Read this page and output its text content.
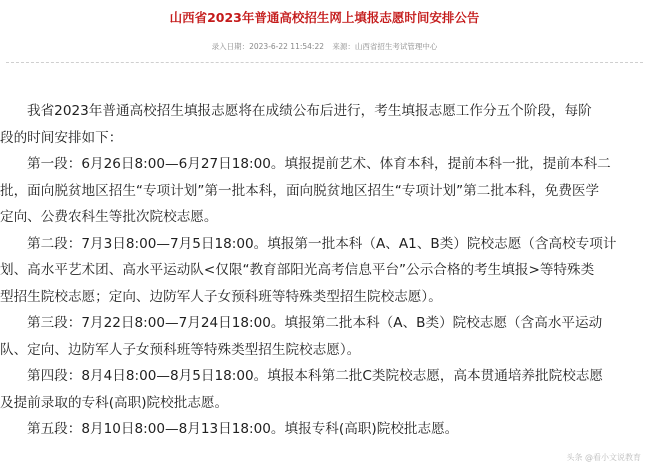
山西省2023年普通高校招生网上填报志愿时间安排公告
录入日期：2023-6-22 11:54:22 来源：山西省招生考试管理中心
我省2023年普通高校招生填报志愿将在成绩公布后进行，考生填报志愿工作分五个阶段，每阶
段的时间安排如下：
第一段：6月26日8:00—6月27日18:00。填报提前艺术、体育本科，提前本科一批，提前本科二
批，面向脱贫地区招生“专项计划”第一批本科，面向脱贫地区招生“专项计划”第二批本科，免费医学
定向、公费农科生等批次院校志愿。
第二段：7月3日8:00—7月5日18:00。填报第一批本科（A、A1、B类）院校志愿（含高校专项计
划、高水平艺术团、高水平运动队<仅限“教育部阳光高考信息平台”公示合格的考生填报>等特殊类
型招生院校志愿；定向、边防军人子女预科班等特殊类型招生院校志愿）。
第三段：7月22日8:00—7月24日18:00。填报第二批本科（A、B类）院校志愿（含高水平运动
队、定向、边防军人子女预科班等特殊类型招生院校志愿）。
第四段：8月4日8:00—8月5日18:00。填报本科第二批C类院校志愿，高本贯通培养批院校志愿
及提前录取的专科(高职)院校批志愿。
第五段：8月10日8:00—8月13日18:00。填报专科(高职)院校批志愿。
头条 @看小文说教育
